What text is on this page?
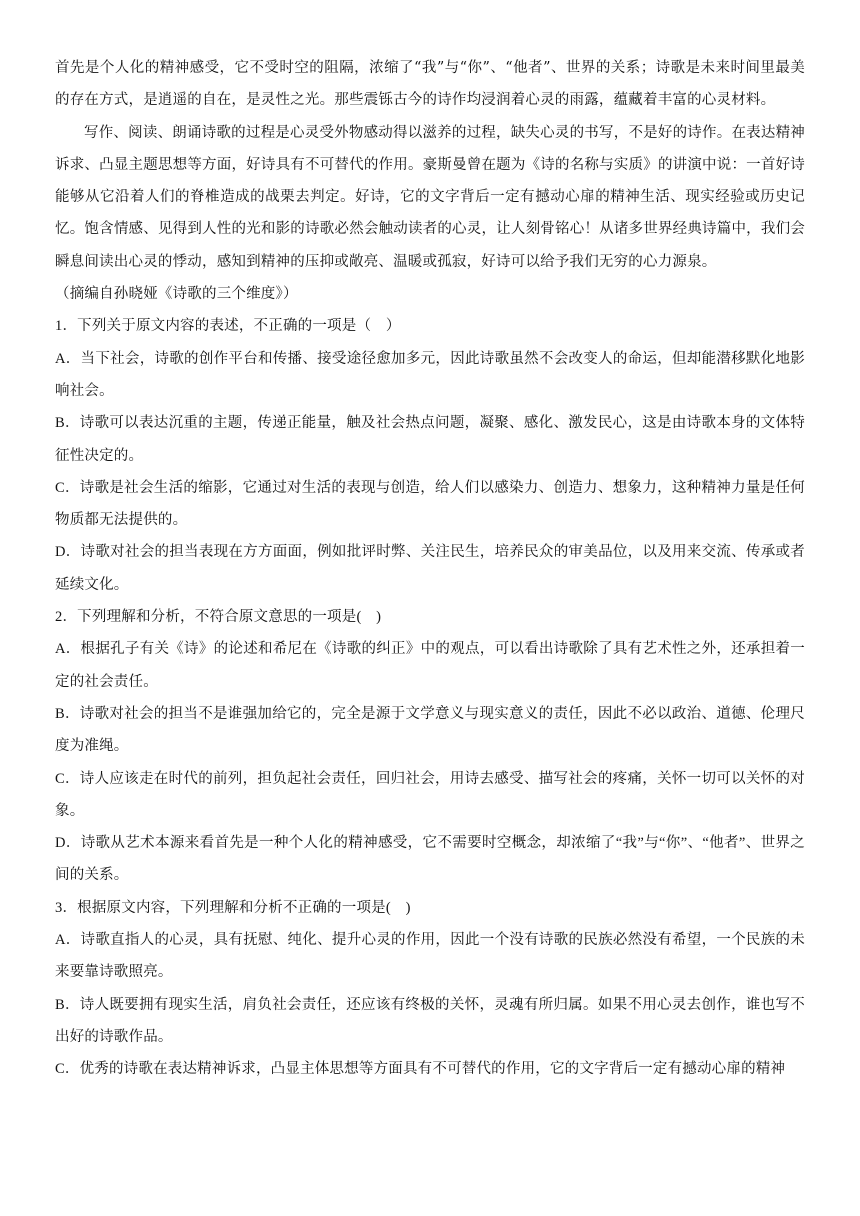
首先是个人化的精神感受，它不受时空的阻隔，浓缩了“我”与“你”、“他者”、世界的关系；诗歌是未来时间里最美的存在方式，是逍遥的自在，是灵性之光。那些震铄古今的诗作均浸润着心灵的雨露，蕴藏着丰富的心灵材料。

写作、阅读、朗诵诗歌的过程是心灵受外物感动得以滋养的过程，缺失心灵的书写，不是好的诗作。在表达精神诉求、凸显主题思想等方面，好诗具有不可替代的作用。豪斯曼曾在题为《诗的名称与实质》的讲演中说：一首好诗能够从它沿着人们的脊椎造成的战栗去判定。好诗，它的文字背后一定有撼动心扉的精神生活、现实经验或历史记忆。饱含情感、见得到人性的光和影的诗歌必然会触动读者的心灵，让人刻骨铭心！从诸多世界经典诗篇中，我们会瞬息间读出心灵的悸动，感知到精神的压抑或敞亮、温暖或孤寂，好诗可以给予我们无穷的心力源泉。

（摘编自孙晓娅《诗歌的三个维度》）

1．下列关于原文内容的表述，不正确的一项是（　）

A．当下社会，诗歌的创作平台和传播、接受途径愈加多元，因此诗歌虽然不会改变人的命运，但却能潜移默化地影响社会。

B．诗歌可以表达沉重的主题，传递正能量，触及社会热点问题，凝聚、感化、激发民心，这是由诗歌本身的文体特征性决定的。

C．诗歌是社会生活的缩影，它通过对生活的表现与创造，给人们以感染力、创造力、想象力，这种精神力量是任何物质都无法提供的。

D．诗歌对社会的担当表现在方方面面，例如批评时弊、关注民生，培养民众的审美品位，以及用来交流、传承或者延续文化。

2．下列理解和分析，不符合原文意思的一项是(　)

A．根据孔子有关《诗》的论述和希尼在《诗歌的纠正》中的观点，可以看出诗歌除了具有艺术性之外，还承担着一定的社会责任。

B．诗歌对社会的担当不是谁强加给它的，完全是源于文学意义与现实意义的责任，因此不必以政治、道德、伦理尺度为准绳。

C．诗人应该走在时代的前列，担负起社会责任，回归社会，用诗去感受、描写社会的疼痛，关怀一切可以关怀的对象。

D．诗歌从艺术本源来看首先是一种个人化的精神感受，它不需要时空概念，却浓缩了“我”与“你”、“他者”、世界之间的关系。

3．根据原文内容，下列理解和分析不正确的一项是(　)

A．诗歌直指人的心灵，具有抚慰、纯化、提升心灵的作用，因此一个没有诗歌的民族必然没有希望，一个民族的未来要靠诗歌照亮。

B．诗人既要拥有现实生活，肩负社会责任，还应该有终极的关怀，灵魂有所归属。如果不用心灵去创作，谁也写不出好的诗歌作品。

C．优秀的诗歌在表达精神诉求，凸显主体思想等方面具有不可替代的作用，它的文字背后一定有撼动心扉的精神
